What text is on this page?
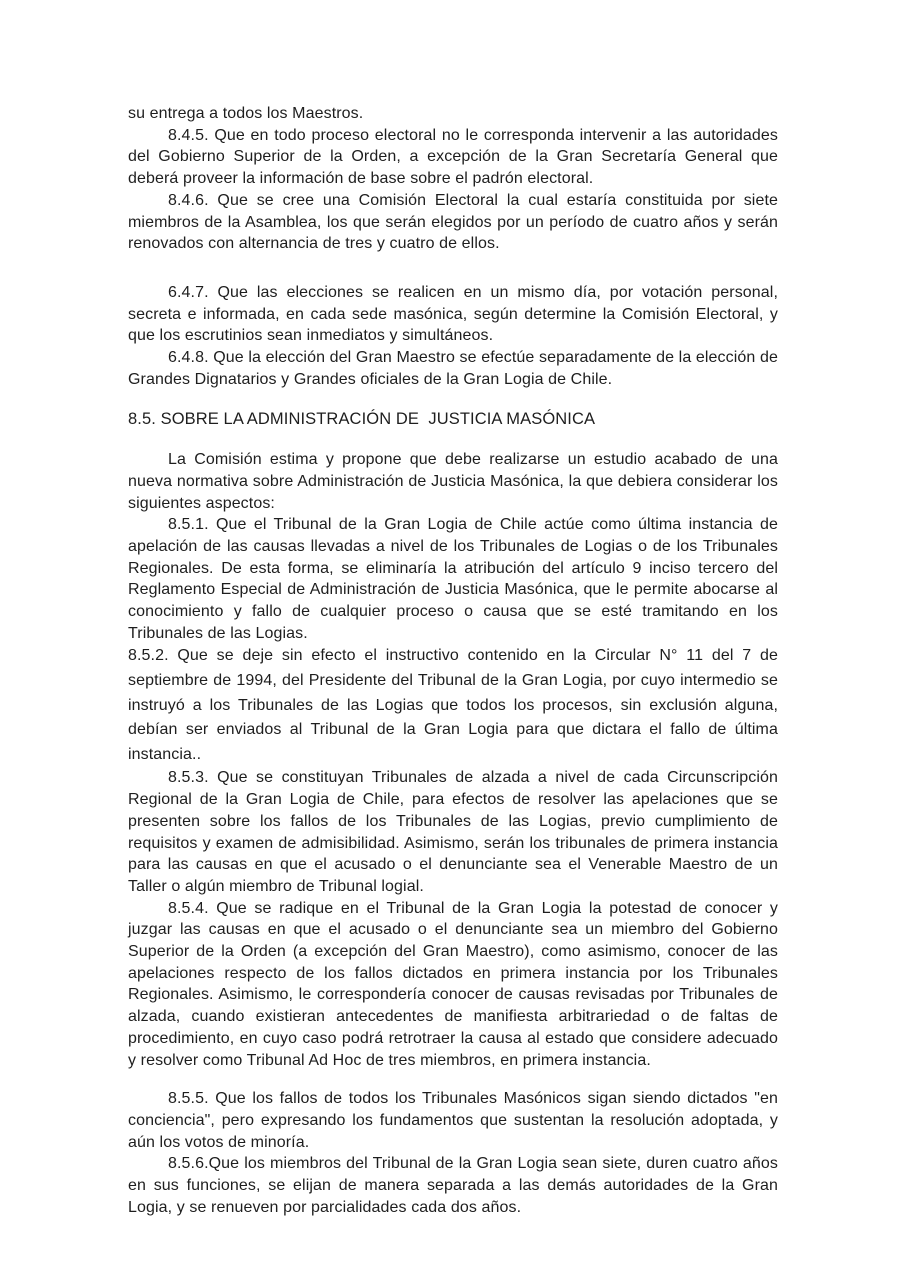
su entrega a todos los Maestros.

8.4.5. Que en todo proceso electoral no le corresponda intervenir a las autoridades del Gobierno Superior de la Orden, a excepción de la Gran Secretaría General que deberá proveer la información de base sobre el padrón electoral.

8.4.6. Que se cree una Comisión Electoral la cual estaría constituida por siete miembros de la Asamblea, los que serán elegidos por un período de cuatro años y serán renovados con alternancia de tres y cuatro de ellos.

6.4.7. Que las elecciones se realicen en un mismo día, por votación personal, secreta e informada, en cada sede masónica, según determine la Comisión Electoral, y que los escrutinios sean inmediatos y simultáneos.

6.4.8. Que la elección del Gran Maestro se efectúe separadamente de la elección de Grandes Dignatarios y Grandes oficiales de la Gran Logia de Chile.

8.5. SOBRE LA ADMINISTRACIÓN DE  JUSTICIA MASÓNICA

La Comisión estima y propone que debe realizarse un estudio acabado de una nueva normativa sobre Administración de Justicia Masónica, la que debiera considerar los siguientes aspectos:

8.5.1. Que el Tribunal de la Gran Logia de Chile actúe como última instancia de apelación de las causas llevadas a nivel de los Tribunales de Logias o de los Tribunales Regionales. De esta forma, se eliminaría la atribución del artículo 9 inciso tercero del Reglamento Especial de Administración de Justicia Masónica, que le permite abocarse al conocimiento y fallo de cualquier proceso o causa que se esté tramitando en los Tribunales de las Logias.

8.5.2. Que se deje sin efecto el instructivo contenido en la Circular N° 11 del 7 de septiembre de 1994, del Presidente del Tribunal de la Gran Logia, por cuyo intermedio se instruyó a los Tribunales de las Logias que todos los procesos, sin exclusión alguna, debían ser enviados al Tribunal de la Gran Logia para que dictara el fallo de última instancia..

8.5.3. Que se constituyan Tribunales de alzada a nivel de cada Circunscripción Regional de la Gran Logia de Chile, para efectos de resolver las apelaciones que se presenten sobre los fallos de los Tribunales de las Logias, previo cumplimiento de requisitos y examen de admisibilidad. Asimismo, serán los tribunales de primera instancia para las causas en que el acusado o el denunciante sea el Venerable Maestro de un Taller o algún miembro de Tribunal logial.

8.5.4. Que se radique en el Tribunal de la Gran Logia la potestad de conocer y juzgar las causas en que el acusado o el denunciante sea un miembro del Gobierno Superior de la Orden (a excepción del Gran Maestro), como asimismo, conocer de las apelaciones respecto de los fallos dictados en primera instancia por los Tribunales Regionales. Asimismo, le correspondería conocer de causas revisadas por Tribunales de alzada, cuando existieran antecedentes de manifiesta arbitrariedad o de faltas de procedimiento, en cuyo caso podrá retrotraer la causa al estado que considere adecuado y resolver como Tribunal Ad Hoc de tres miembros, en primera instancia.

8.5.5. Que los fallos de todos los Tribunales Masónicos sigan siendo dictados "en conciencia", pero expresando los fundamentos que sustentan la resolución adoptada, y aún los votos de minoría.

8.5.6.Que los miembros del Tribunal de la Gran Logia sean siete, duren cuatro años en sus funciones, se elijan de manera separada a las demás autoridades de la Gran Logia, y se renueven por parcialidades cada dos años.
